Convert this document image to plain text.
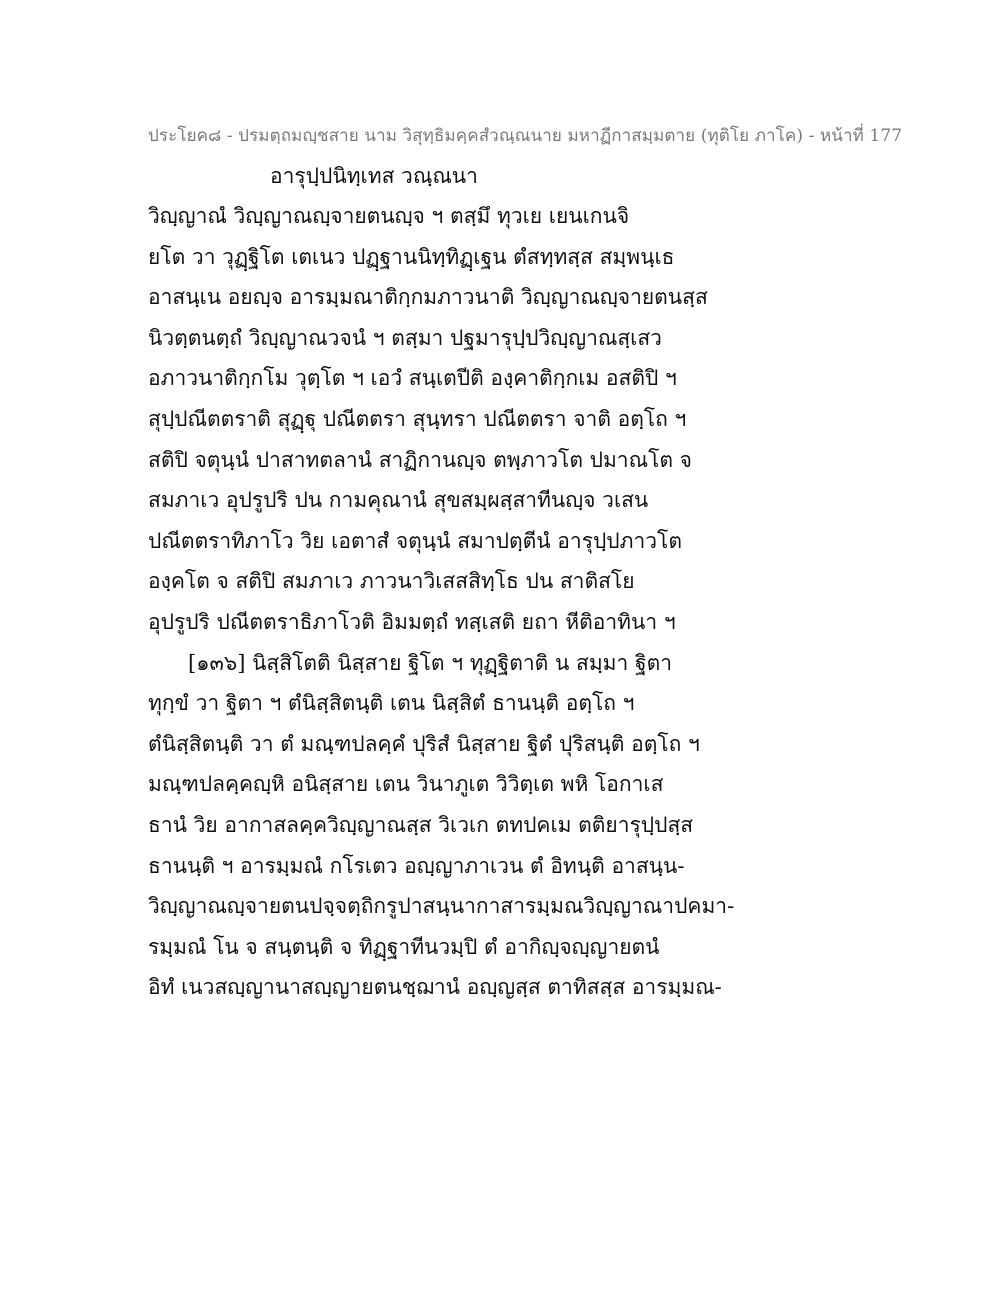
ประโยค๘ - ปรมตฺถมญฺชสาย นาม วิสุทฺธิมคฺคสํวณฺณนาย มหาฏีกาสมฺมตาย (ทุติโย ภาโค) - หน้าที่ 177
อารุปฺปนิทฺเทส วณฺณนา
วิญฺญาณํ วิญฺญาณญฺจายตนญฺจ ฯ ตสฺมึ ทุวเย เยนเกนจิ
ยโต วา วุฏฺฐิโต เตเนว ปฏฺฐานนิทฺทิฏฺเฐน ตํสทฺทสฺส สมฺพนฺเธ
อาสนฺเน อยญฺจ อารมฺมณาติกฺกมภาวนาติ วิญฺญาณญฺจายตนสฺส
นิวตฺตนตฺถํ วิญฺญาณวจนํ ฯ ตสฺมา ปฐมารุปฺปวิญฺญาณสฺเสว
อภาวนาติกฺกโม วุตฺโต ฯ เอวํ สนฺเตปีติ องฺคาติกฺกเม อสติปิ ฯ
สุปฺปณีตตราติ สุฏฺฐุ ปณีตตรา สุนฺทรา ปณีตตรา จาติ อตฺโถ ฯ
สติปิ จตุนฺนํ ปาสาทตลานํ สาฏิกานญฺจ ตพฺภาวโต ปมาณโต จ
สมภาเว อุปรูปริ ปน กามคุณานํ สุขสมฺผสฺสาทีนญฺจ วเสน
ปณีตตราทิภาโว วิย เอตาสํ จตุนฺนํ สมาปตฺตีนํ อารุปฺปภาวโต
องฺคโต จ สติปิ สมภาเว ภาวนาวิเสสสิทฺโธ ปน สาติสโย
อุปรูปริ ปณีตตราธิภาโวติ อิมมตฺถํ ทสฺเสติ ยถา หีติอาทินา ฯ
[๑๓๖] นิสฺสิโตติ นิสฺสาย ฐิโต ฯ ทุฏฺฐิตาติ น สมฺมา ฐิตา
ทุกฺขํ วา ฐิตา ฯ ตํนิสฺสิตนฺติ เตน นิสฺสิตํ ธานนฺติ อตฺโถ ฯ
ตํนิสฺสิตนฺติ วา ตํ มณฺฑปลคฺคํ ปุริสํ นิสฺสาย ฐิตํ ปุริสนฺติ อตฺโถ ฯ
มณฺฑปลคฺคญฺหิ อนิสฺสาย เตน วินาภูเต วิวิตฺเต พหิ โอกาเส
ธานํ วิย อากาสลคฺควิญฺญาณสฺส วิเวเก ตทปคเม ตติยารุปฺปสฺส
ธานนฺติ ฯ อารมฺมณํ กโรเตว อญฺญาภาเวน ตํ อิทนฺติ อาสนฺน-
วิญฺญาณญฺจายตนปจฺจตฺถิกรูปาสนฺนากาสารมฺมณวิญฺญาณาปคมา-
รมฺมณํ โน จ สนฺตนฺติ จ ทิฏฺฐาทีนวมฺปิ ตํ อากิญฺจญฺญายตนํ
อิทํ เนวสญฺญานาสญฺญายตนชฺฌานํ อญฺญสฺส ตาทิสสฺส อารมฺมณ-
